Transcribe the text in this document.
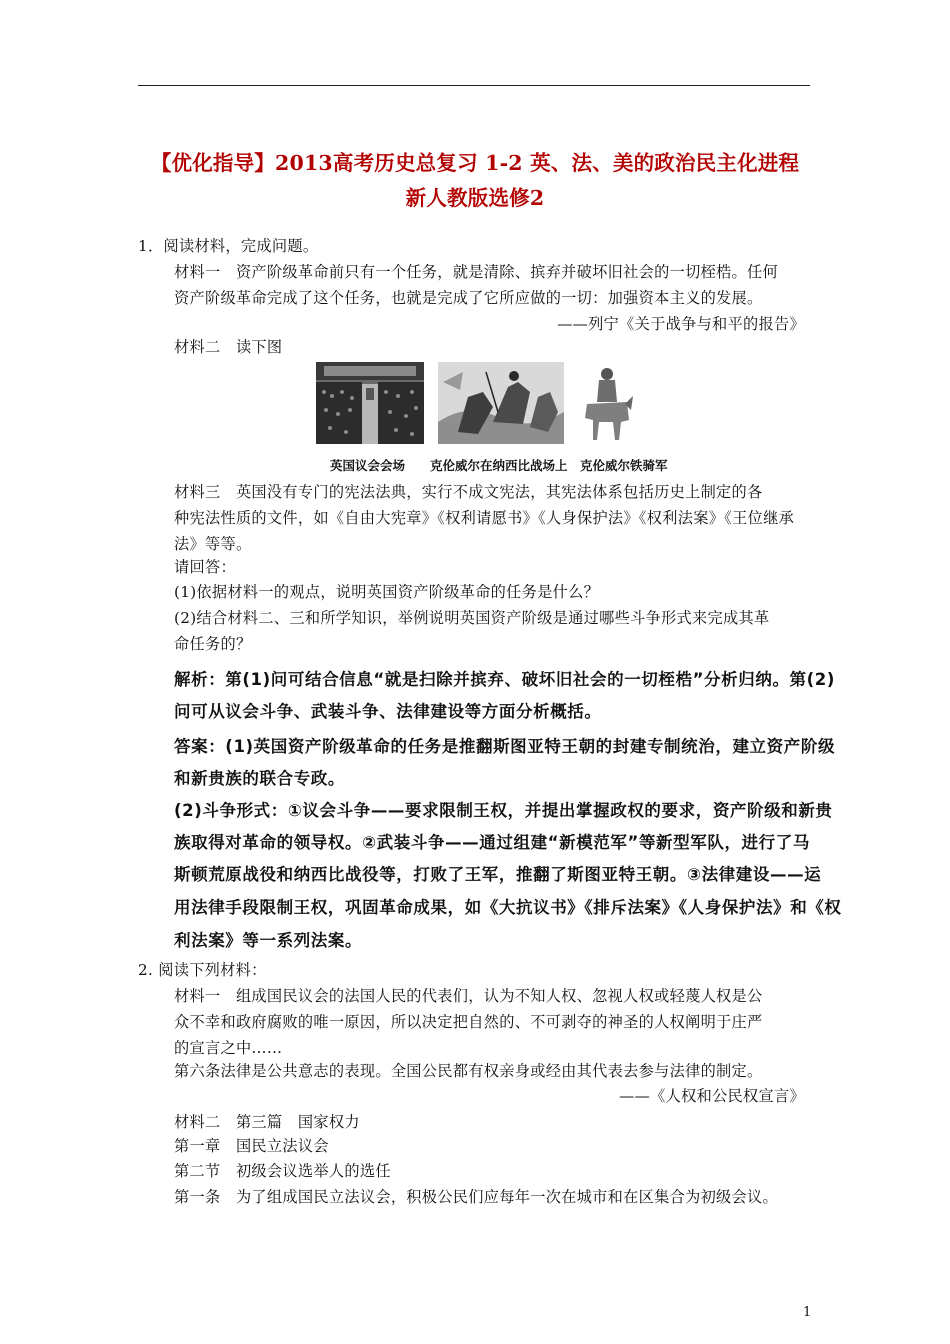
【优化指导】2013高考历史总复习 1-2 英、法、美的政治民主化进程
新人教版选修2
1．阅读材料，完成问题。
材料一　资产阶级革命前只有一个任务，就是清除、摈弃并破坏旧社会的一切桎梏。任何
资产阶级革命完成了这个任务，也就是完成了它所应做的一切：加强资本主义的发展。
——列宁《关于战争与和平的报告》
材料二　读下图
英国议会会场 克伦威尔在纳西比战场上 克伦威尔铁骑军
材料三　英国没有专门的宪法法典，实行不成文宪法，其宪法体系包括历史上制定的各
种宪法性质的文件，如《自由大宪章》《权利请愿书》《人身保护法》《权利法案》《王位继承
法》等等。
请回答：
(1)依据材料一的观点，说明英国资产阶级革命的任务是什么？
(2)结合材料二、三和所学知识，举例说明英国资产阶级是通过哪些斗争形式来完成其革
命任务的？
解析：第(1)问可结合信息“就是扫除并摈弃、破坏旧社会的一切桎梏”分析归纳。第(2)
问可从议会斗争、武装斗争、法律建设等方面分析概括。
答案：(1)英国资产阶级革命的任务是推翻斯图亚特王朝的封建专制统治，建立资产阶级
和新贵族的联合专政。
(2)斗争形式：①议会斗争——要求限制王权，并提出掌握政权的要求，资产阶级和新贵
族取得对革命的领导权。②武装斗争——通过组建“新模范军”等新型军队，进行了马
斯顿荒原战役和纳西比战役等，打败了王军，推翻了斯图亚特王朝。③法律建设——运
用法律手段限制王权，巩固革命成果，如《大抗议书》《排斥法案》《人身保护法》和《权
利法案》等一系列法案。
2. 阅读下列材料：
材料一　组成国民议会的法国人民的代表们，认为不知人权、忽视人权或轻蔑人权是公
众不幸和政府腐败的唯一原因，所以决定把自然的、不可剥夺的神圣的人权阐明于庄严
的宣言之中……
第六条法律是公共意志的表现。全国公民都有权亲身或经由其代表去参与法律的制定。
——《人权和公民权宣言》
材料二　第三篇　国家权力
第一章　国民立法议会
第二节　初级会议选举人的选任
第一条　为了组成国民立法议会，积极公民们应每年一次在城市和在区集合为初级会议。
1
